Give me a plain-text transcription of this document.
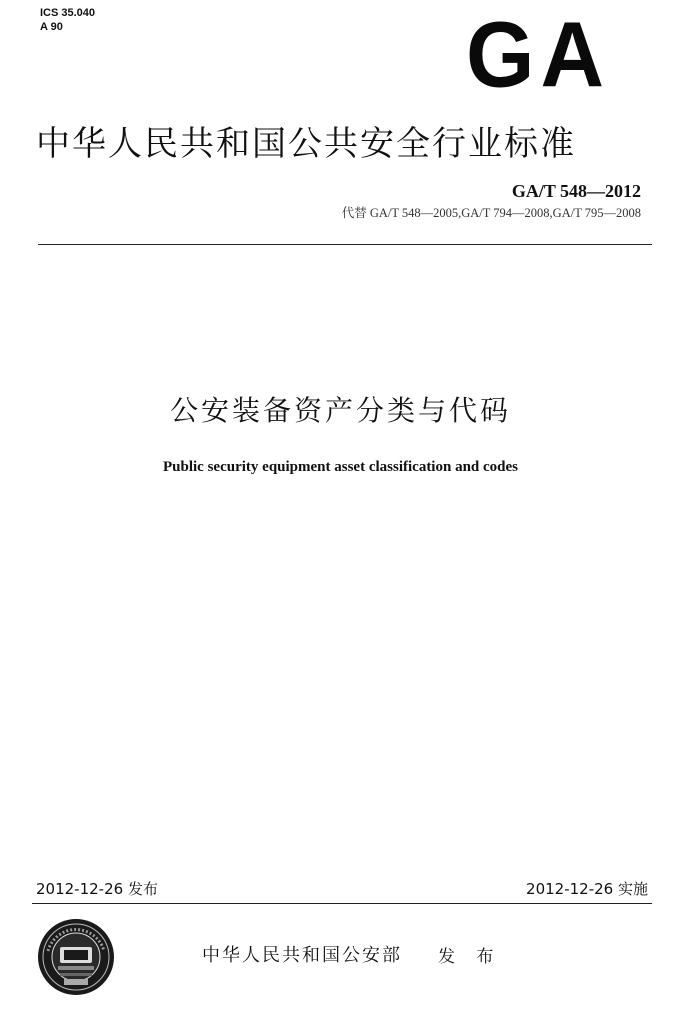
ICS 35.040
A 90	GA
中华人民共和国公共安全行业标准
GA/T 548—2012
代替 GA/T 548—2005,GA/T 794—2008,GA/T 795—2008
公安装备资产分类与代码
Public security equipment asset classification and codes
2012-12-26 发布	2012-12-26 实施
中华人民共和国公安部 发 布
